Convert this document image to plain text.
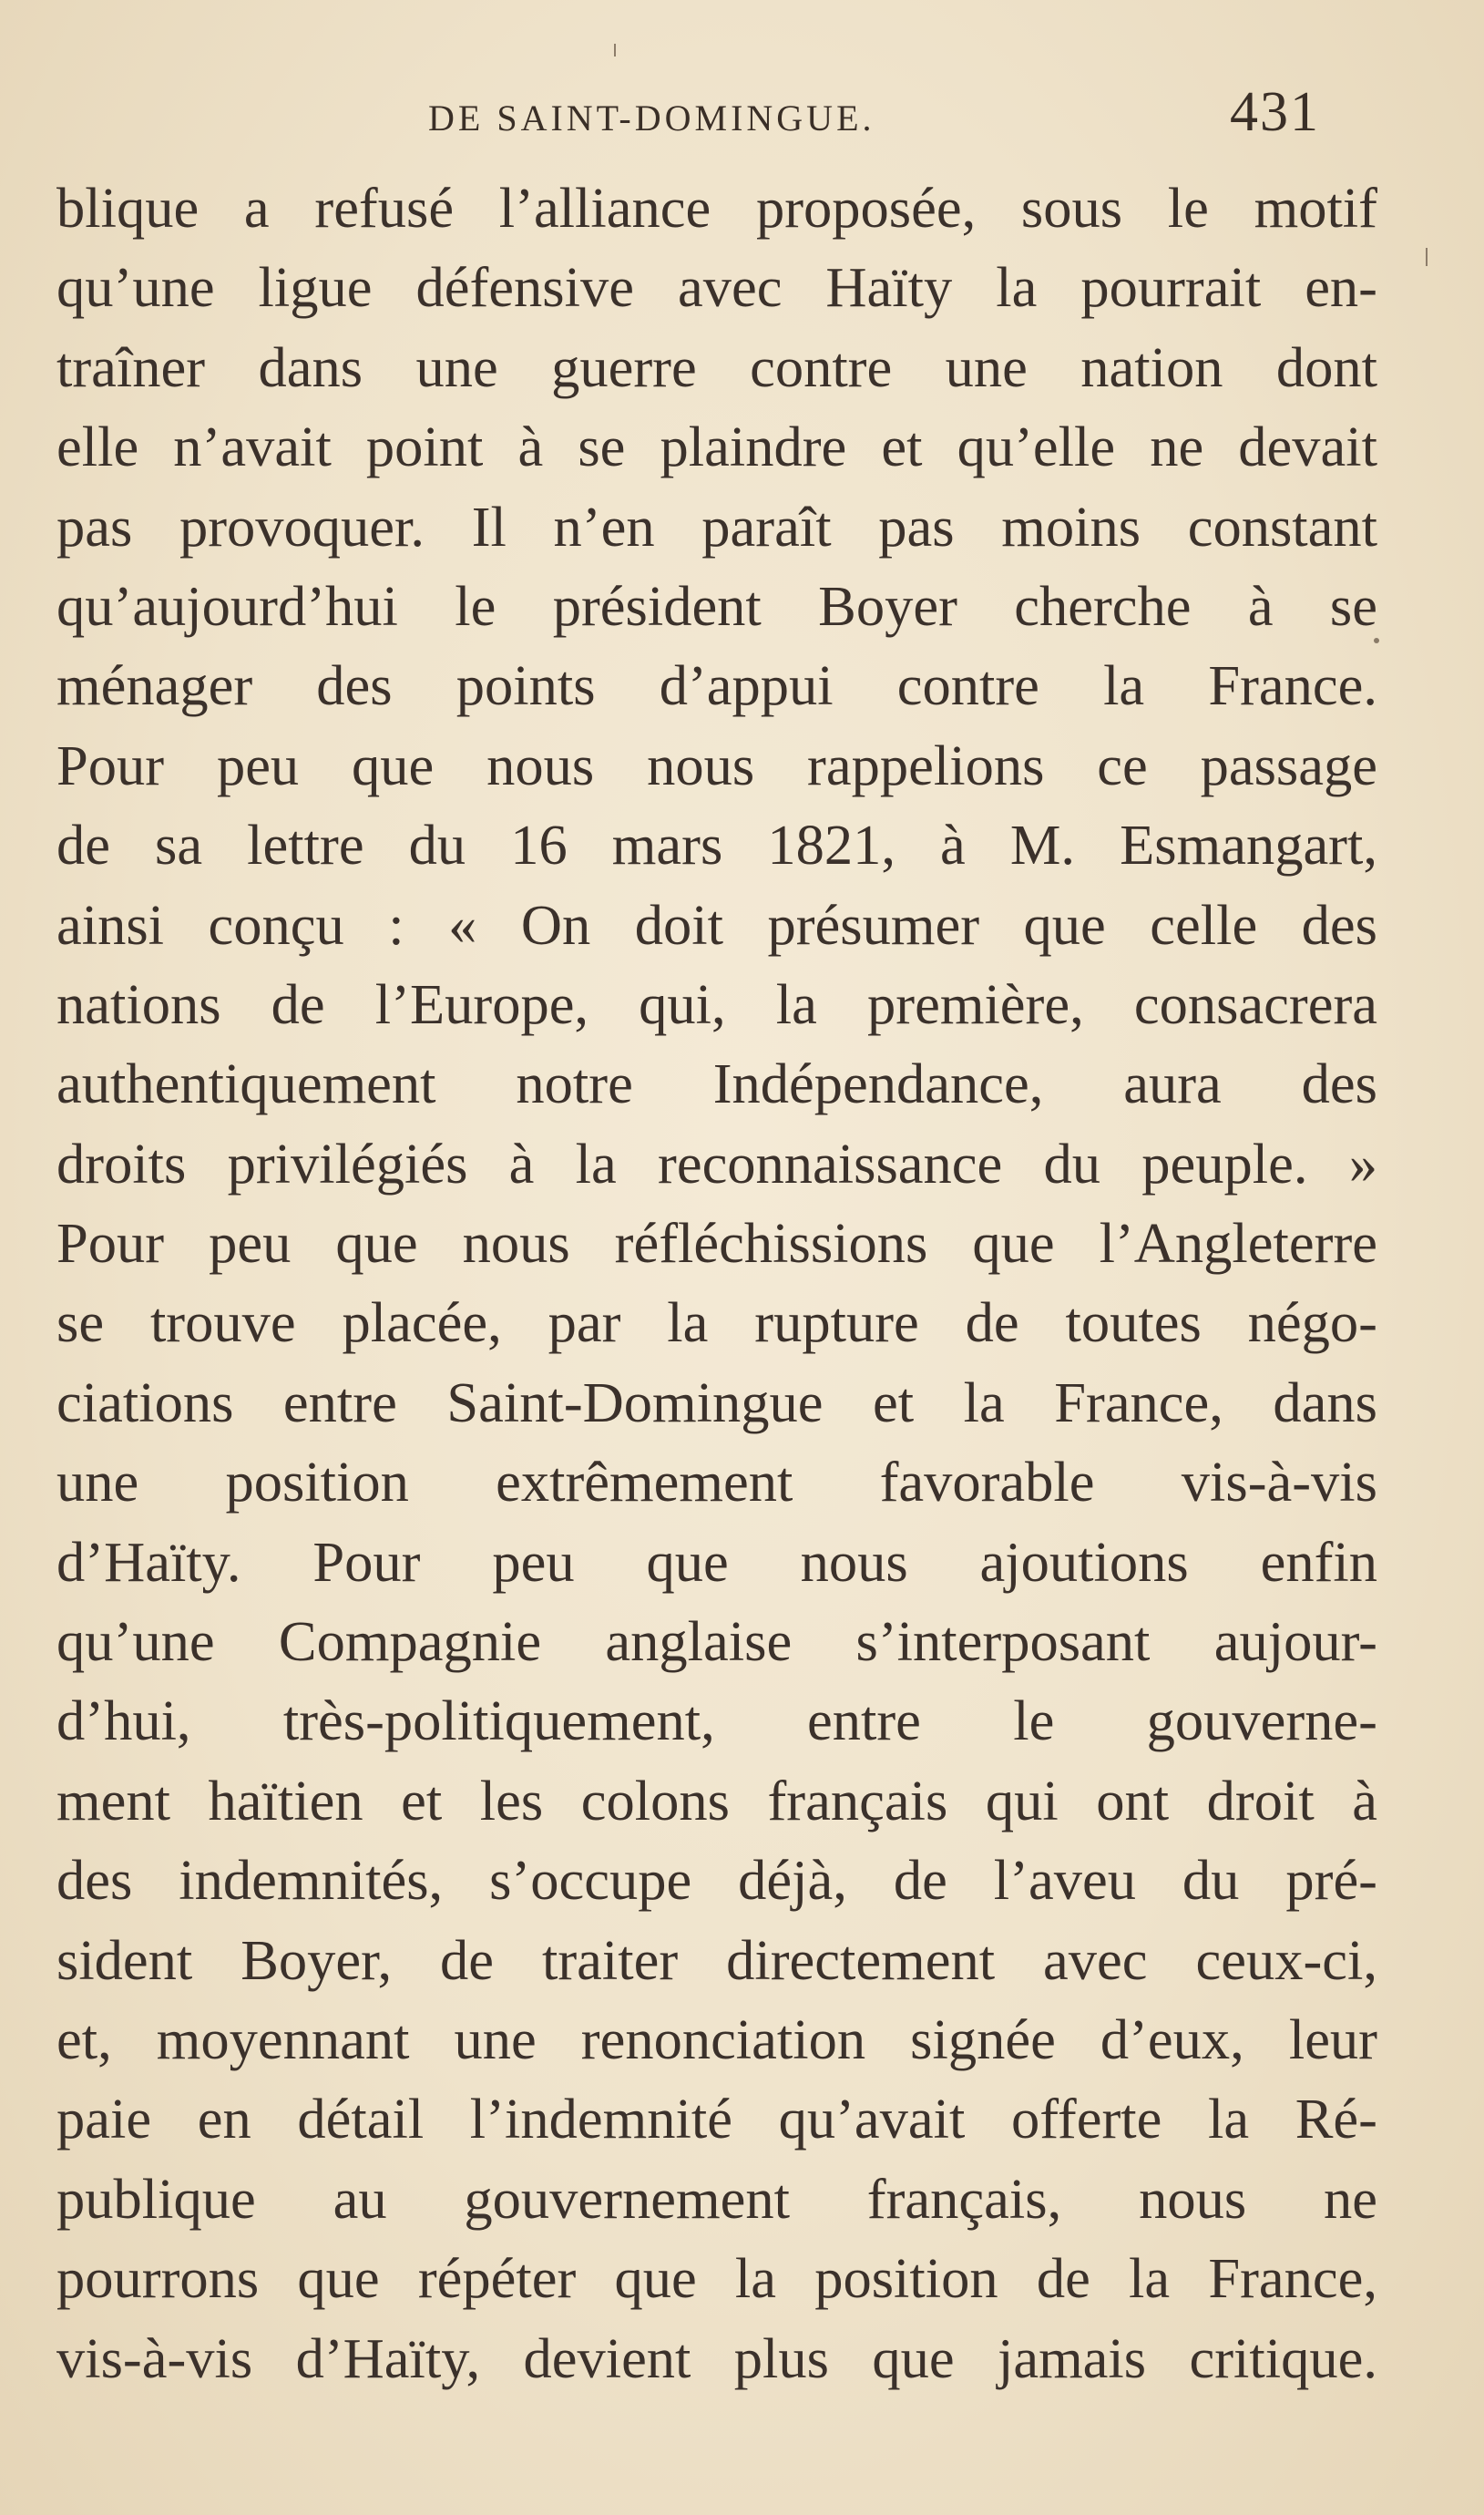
DE SAINT-DOMINGUE.	431
blique a refusé l’alliance proposée, sous le motif
qu’une ligue défensive avec Haïty la pourrait en-
traîner dans une guerre contre une nation dont
elle n’avait point à se plaindre et qu’elle ne devait
pas provoquer. Il n’en paraît pas moins constant
qu’aujourd’hui le président Boyer cherche à se
ménager des points d’appui contre la France.
Pour peu que nous nous rappelions ce passage
de sa lettre du 16 mars 1821, à M. Esmangart,
ainsi conçu : « On doit présumer que celle des
nations de l’Europe, qui, la première, consacrera
authentiquement notre Indépendance, aura des
droits privilégiés à la reconnaissance du peuple. »
Pour peu que nous réfléchissions que l’Angleterre
se trouve placée, par la rupture de toutes négo-
ciations entre Saint-Domingue et la France, dans
une position extrêmement favorable vis-à-vis
d’Haïty. Pour peu que nous ajoutions enfin
qu’une Compagnie anglaise s’interposant aujour-
d’hui, très-politiquement, entre le gouverne-
ment haïtien et les colons français qui ont droit à
des indemnités, s’occupe déjà, de l’aveu du pré-
sident Boyer, de traiter directement avec ceux-ci,
et, moyennant une renonciation signée d’eux, leur
paie en détail l’indemnité qu’avait offerte la Ré-
publique au gouvernement français, nous ne
pourrons que répéter que la position de la France,
vis-à-vis d’Haïty, devient plus que jamais critique.
